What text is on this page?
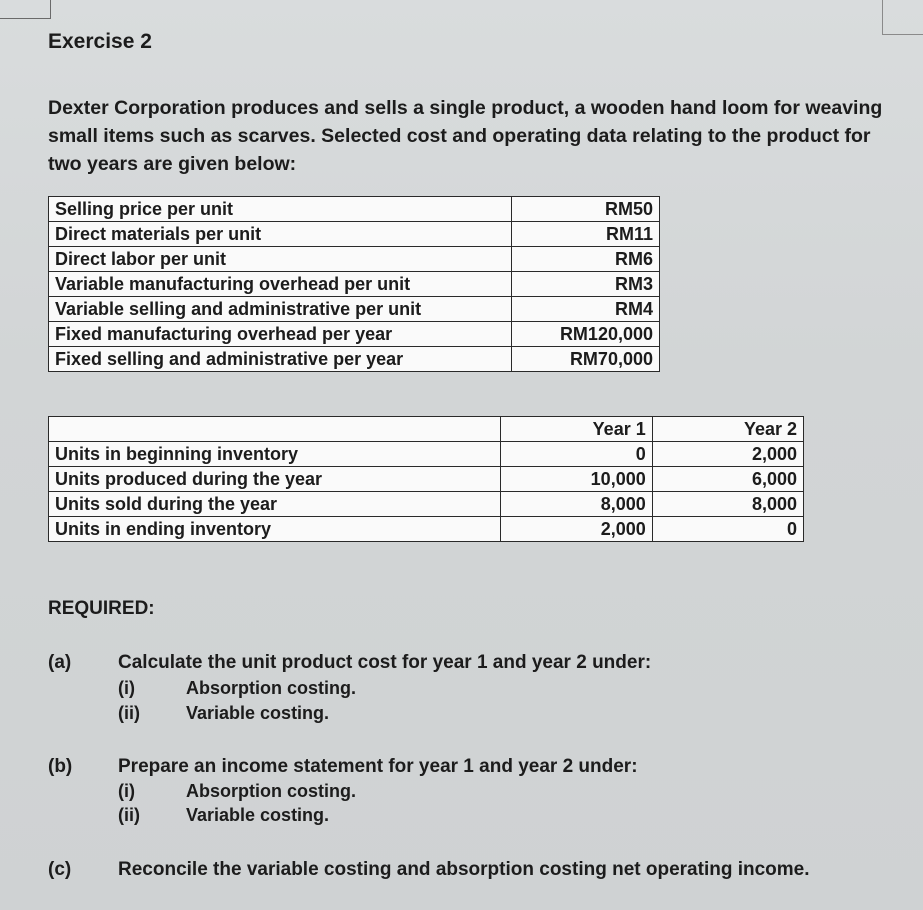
Exercise 2
Dexter Corporation produces and sells a single product, a wooden hand loom for weaving small items such as scarves. Selected cost and operating data relating to the product for two years are given below:
Selling price per unit	RM50
Direct materials per unit	RM11
Direct labor per unit	RM6
Variable manufacturing overhead per unit	RM3
Variable selling and administrative per unit	RM4
Fixed manufacturing overhead per year	RM120,000
Fixed selling and administrative per year	RM70,000
	Year 1	Year 2
Units in beginning inventory	0	2,000
Units produced during the year	10,000	6,000
Units sold during the year	8,000	8,000
Units in ending inventory	2,000	0
REQUIRED:
(a) Calculate the unit product cost for year 1 and year 2 under:
(i)	Absorption costing.
(ii)	Variable costing.
(b) Prepare an income statement for year 1 and year 2 under:
(i)	Absorption costing.
(ii)	Variable costing.
(c) Reconcile the variable costing and absorption costing net operating income.
